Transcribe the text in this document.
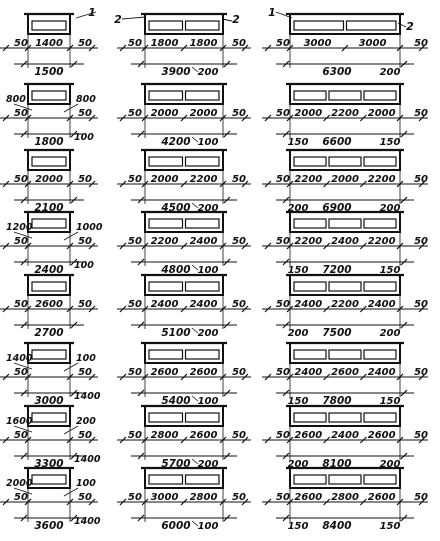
50 1400 50
1500
50	50
1800
800	800
100
50 2000 50
2100
50	50
2400
1200	1000
100
50 2600 50
2700
50	50
3000
1400	100
1400
50	50
3300
1600	200
1400
50	50
3600
2000	100
1400
50 1800 1800 50
3900 200
50 2000 2000 50
4200 100
50 2000 2200 50
4500 200
50 2200 2400 50
4800 100
50 2400 2400 50
5100 200
50 2600 2600 50
5400 100
50 2800 2600 50
5700 200
50 3000 2800 50
6000 100
50 3000	3000	50
6300	200
50 2000 2200 2000 50
6600
150	150
50 2200 2000 2200 50
6900
200	200
50 2200 2400 2200 50
7200
150	150
50 2400 2200 2400 50
7500
200	200
50 2400 2600 2400 50
7800
150	150
50 2600 2400 2600 50
8100
200	200
50 2600 2800 2600 50
8400
150	150
1
2	2
1
2
